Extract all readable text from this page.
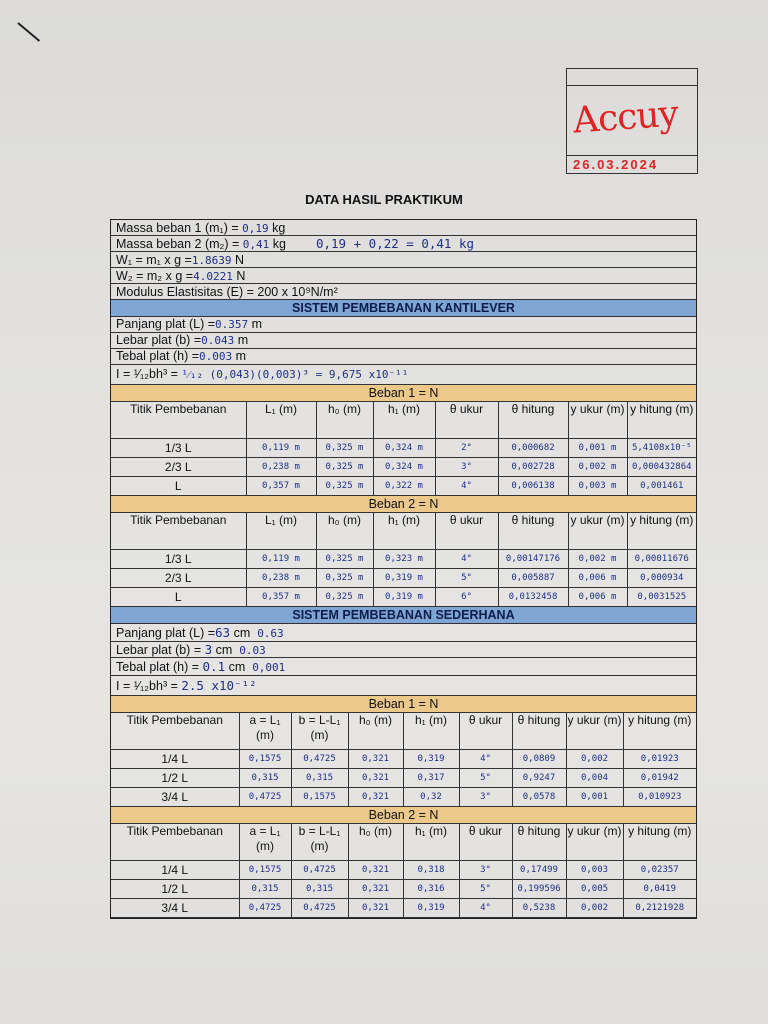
Accuy
26.03.2024
DATA HASIL PRAKTIKUM
Massa beban 1 (m₁) = 0,19 kg
Massa beban 2 (m₂) = 0,41 kg 0,19 + 0,22 = 0,41 kg
W₁ = m₁ x g =1.8639 N
W₂ = m₂ x g =4.0221 N
Modulus Elastisitas (E) = 200 x 10⁹N/m²
SISTEM PEMBEBANAN KANTILEVER
Panjang plat (L) =0.357 m
Lebar plat (b) =0.043 m
Tebal plat (h) =0.003 m
I = ¹⁄₁₂bh³ = ¹⁄₁₂ (0,043)(0,003)³ = 9,675 x10⁻¹¹
Beban 1 = N
Titik Pembebanan	L₁ (m)	h₀ (m)	h₁ (m)	θ ukur	θ hitung	y ukur (m)	y hitung (m)
1/3 L	0,119 m	0,325 m	0,324 m	2°	0,000682	0,001 m	5,4108x10⁻⁵
2/3 L	0,238 m	0,325 m	0,324 m	3°	0,002728	0,002 m	0,000432864
L	0,357 m	0,325 m	0,322 m	4°	0,006138	0,003 m	0,001461
Beban 2 = N
Titik Pembebanan	L₁ (m)	h₀ (m)	h₁ (m)	θ ukur	θ hitung	y ukur (m)	y hitung (m)
1/3 L	0,119 m	0,325 m	0,323 m	4°	0,00147176	0,002 m	0,00011676
2/3 L	0,238 m	0,325 m	0,319 m	5°	0,005887	0,006 m	0,000934
L	0,357 m	0,325 m	0,319 m	6°	0,0132458	0,006 m	0,0031525
SISTEM PEMBEBANAN SEDERHANA
Panjang plat (L) =63 cm 0.63
Lebar plat (b) = 3 cm 0.03
Tebal plat (h) = 0.1 cm 0,001
I = ¹⁄₁₂bh³ = 2.5 x10⁻¹²
Beban 1 = N
Titik Pembebanan	a = L₁ (m)	b = L-L₁ (m)	h₀ (m)	h₁ (m)	θ ukur	θ hitung	y ukur (m)	y hitung (m)
1/4 L	0,1575	0,4725	0,321	0,319	4°	0,0809	0,002	0,01923
1/2 L	0,315	0,315	0,321	0,317	5°	0,9247	0,004	0,01942
3/4 L	0,4725	0,1575	0,321	0,32	3°	0,0578	0,001	0,010923
Beban 2 = N
Titik Pembebanan	a = L₁ (m)	b = L-L₁ (m)	h₀ (m)	h₁ (m)	θ ukur	θ hitung	y ukur (m)	y hitung (m)
1/4 L	0,1575	0,4725	0,321	0,318	3°	0,17499	0,003	0,02357
1/2 L	0,315	0,315	0,321	0,316	5°	0,199596	0,005	0,0419
3/4 L	0,4725	0,4725	0,321	0,319	4°	0,5238	0,002	0,2121928
